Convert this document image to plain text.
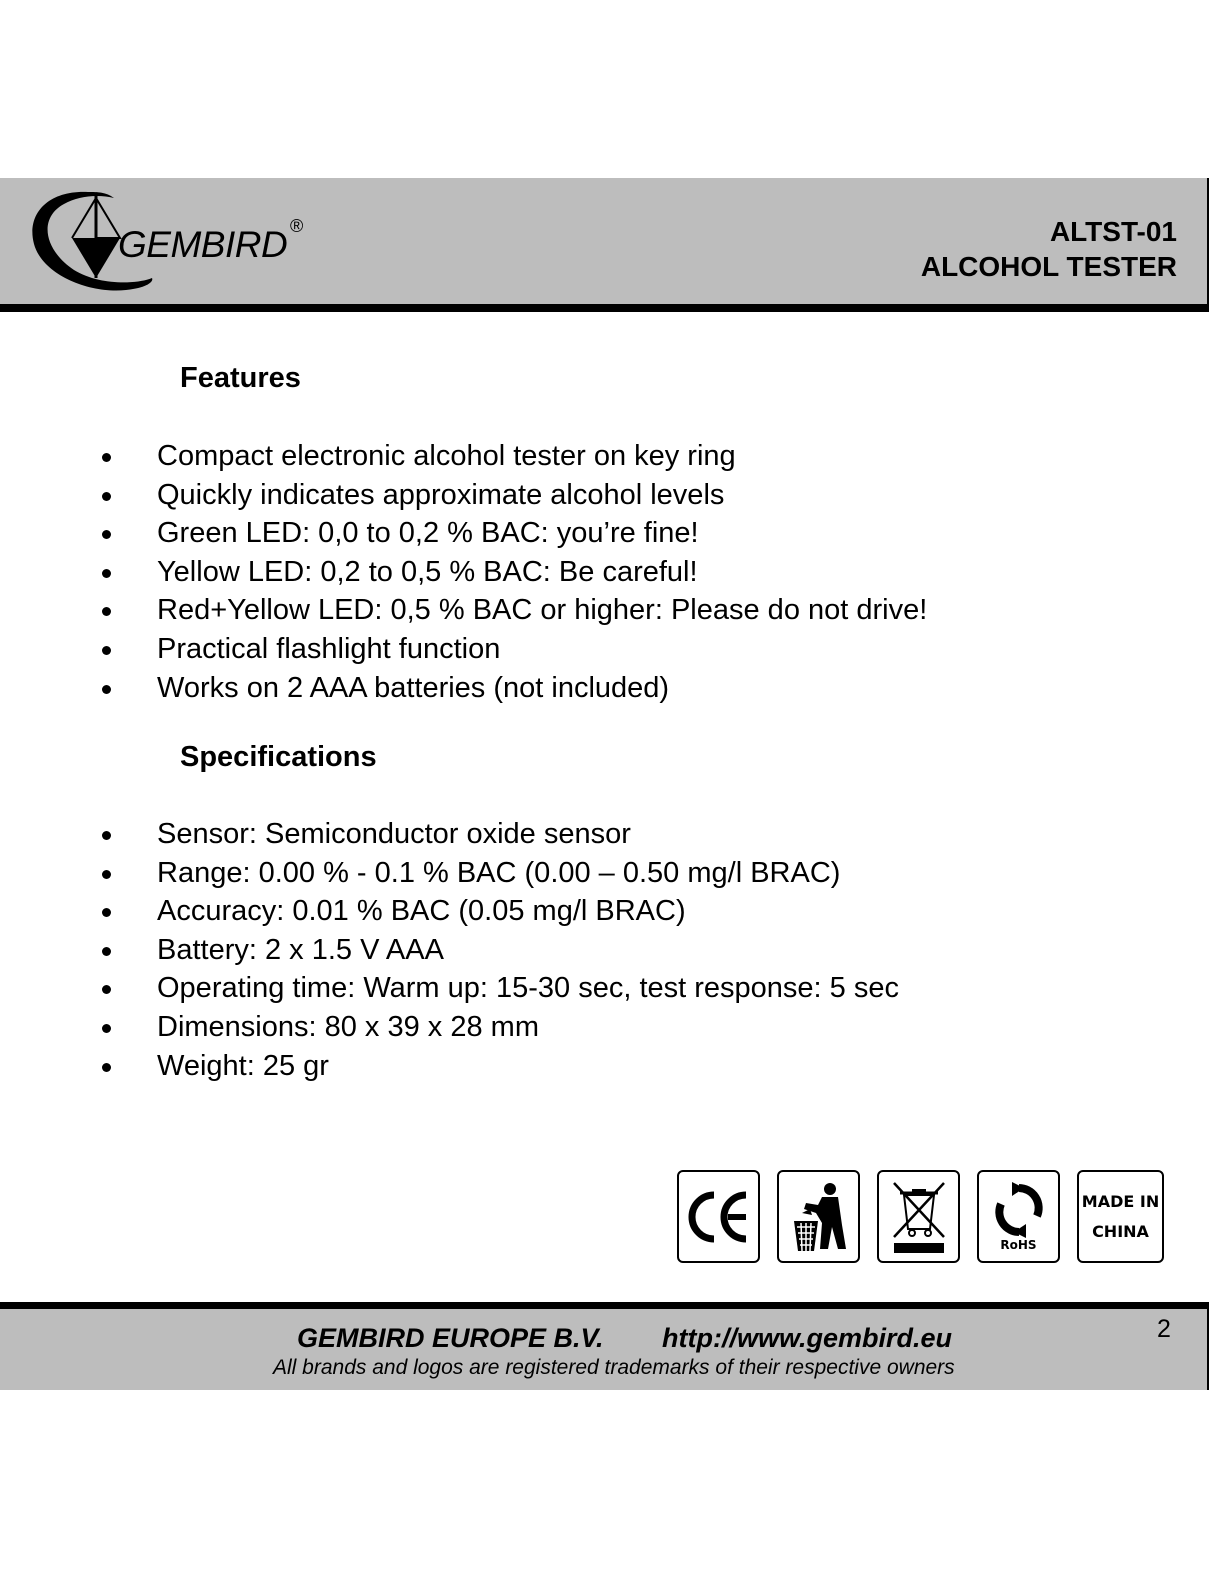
GEMBIRD ®	ALTST-01
ALCOHOL TESTER
Features
Compact electronic alcohol tester on key ring
Quickly indicates approximate alcohol levels
Green LED: 0,0 to 0,2 % BAC: you’re fine!
Yellow LED: 0,2 to 0,5 % BAC: Be careful!
Red+Yellow LED: 0,5 % BAC or higher: Please do not drive!
Practical flashlight function
Works on 2 AAA batteries (not included)
Specifications
Sensor: Semiconductor oxide sensor
Range: 0.00 % - 0.1 % BAC (0.00 – 0.50 mg/l BRAC)
Accuracy: 0.01 % BAC (0.05 mg/l BRAC)
Battery: 2 x 1.5 V AAA
Operating time: Warm up: 15-30 sec, test response: 5 sec
Dimensions: 80 x 39 x 28 mm
Weight: 25 gr
RoHS
MADE IN
CHINA
GEMBIRD EUROPE B.V. http://www.gembird.eu
All brands and logos are registered trademarks of their respective owners
2
